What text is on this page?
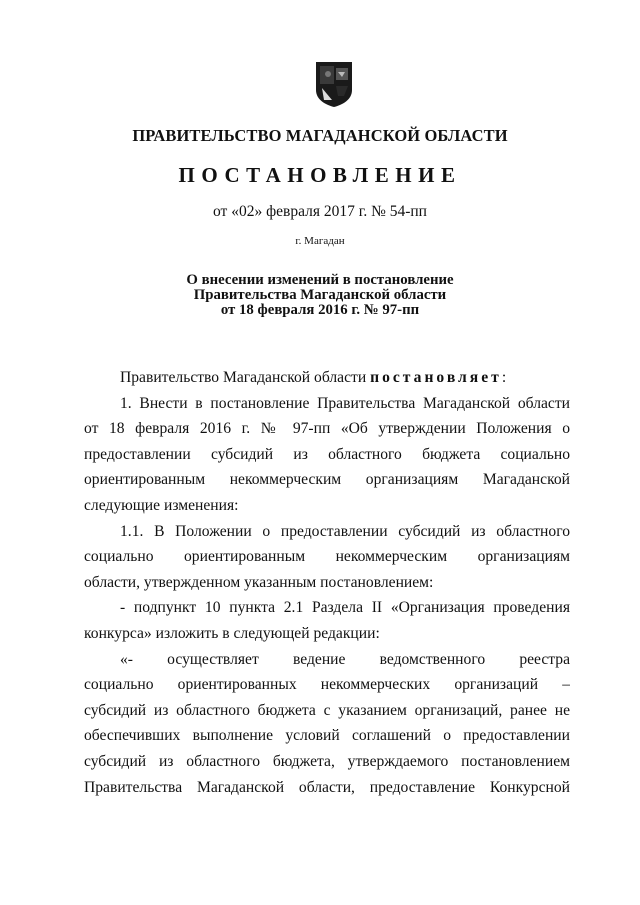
ПРАВИТЕЛЬСТВО МАГАДАНСКОЙ ОБЛАСТИ
ПОСТАНОВЛЕНИЕ
от «02» февраля 2017 г. № 54-пп
г. Магадан
О внесении изменений в постановление
Правительства Магаданской области
от 18 февраля 2016 г. № 97-пп
Правительство Магаданской области постановляет:
1. Внести в постановление Правительства Магаданской области
от 18 февраля 2016 г. № 97-пп «Об утверждении Положения о
предоставлении субсидий из областного бюджета социально
ориентированным некоммерческим организациям Магаданской
следующие изменения:
1.1. В Положении о предоставлении субсидий из областного
социально ориентированным некоммерческим организациям
области, утвержденном указанным постановлением:
- подпункт 10 пункта 2.1 Раздела II «Организация проведения
конкурса» изложить в следующей редакции:
«- осуществляет ведение ведомственного реестра
социально ориентированных некоммерческих организаций –
субсидий из областного бюджета с указанием организаций, ранее не
обеспечивших выполнение условий соглашений о предоставлении
субсидий из областного бюджета, утверждаемого постановлением
Правительства Магаданской области, предоставление Конкурсной
